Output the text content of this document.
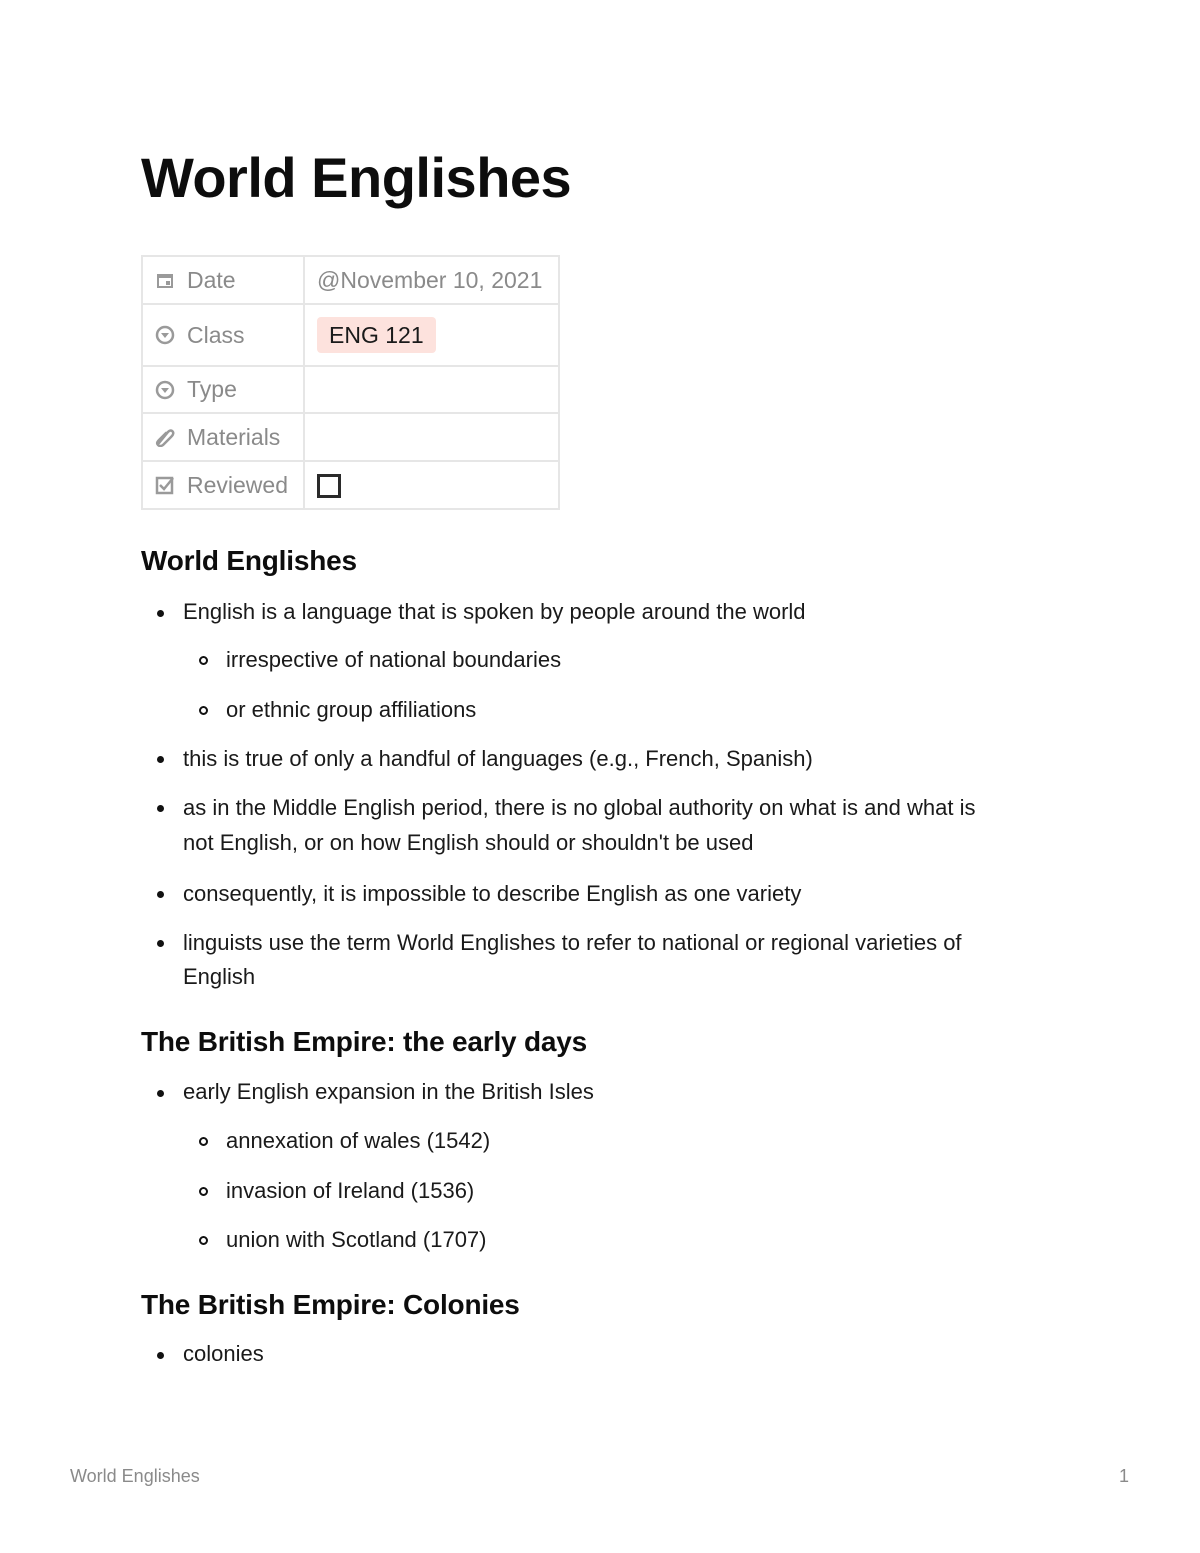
World Englishes
Date	@November 10, 2021

Class	ENG 121

Type	

Materials	

Reviewed	

World Englishes
English is a language that is spoken by people around the world
irrespective of national boundaries
or ethnic group affiliations
this is true of only a handful of languages (e.g., French, Spanish)
as in the Middle English period, there is no global authority on what is and what is
not English, or on how English should or shouldn't be used
consequently, it is impossible to describe English as one variety
linguists use the term World Englishes to refer to national or regional varieties of
English
The British Empire: the early days
early English expansion in the British Isles
annexation of wales (1542)
invasion of Ireland (1536)
union with Scotland (1707)
The British Empire: Colonies
colonies
World Englishes	1
